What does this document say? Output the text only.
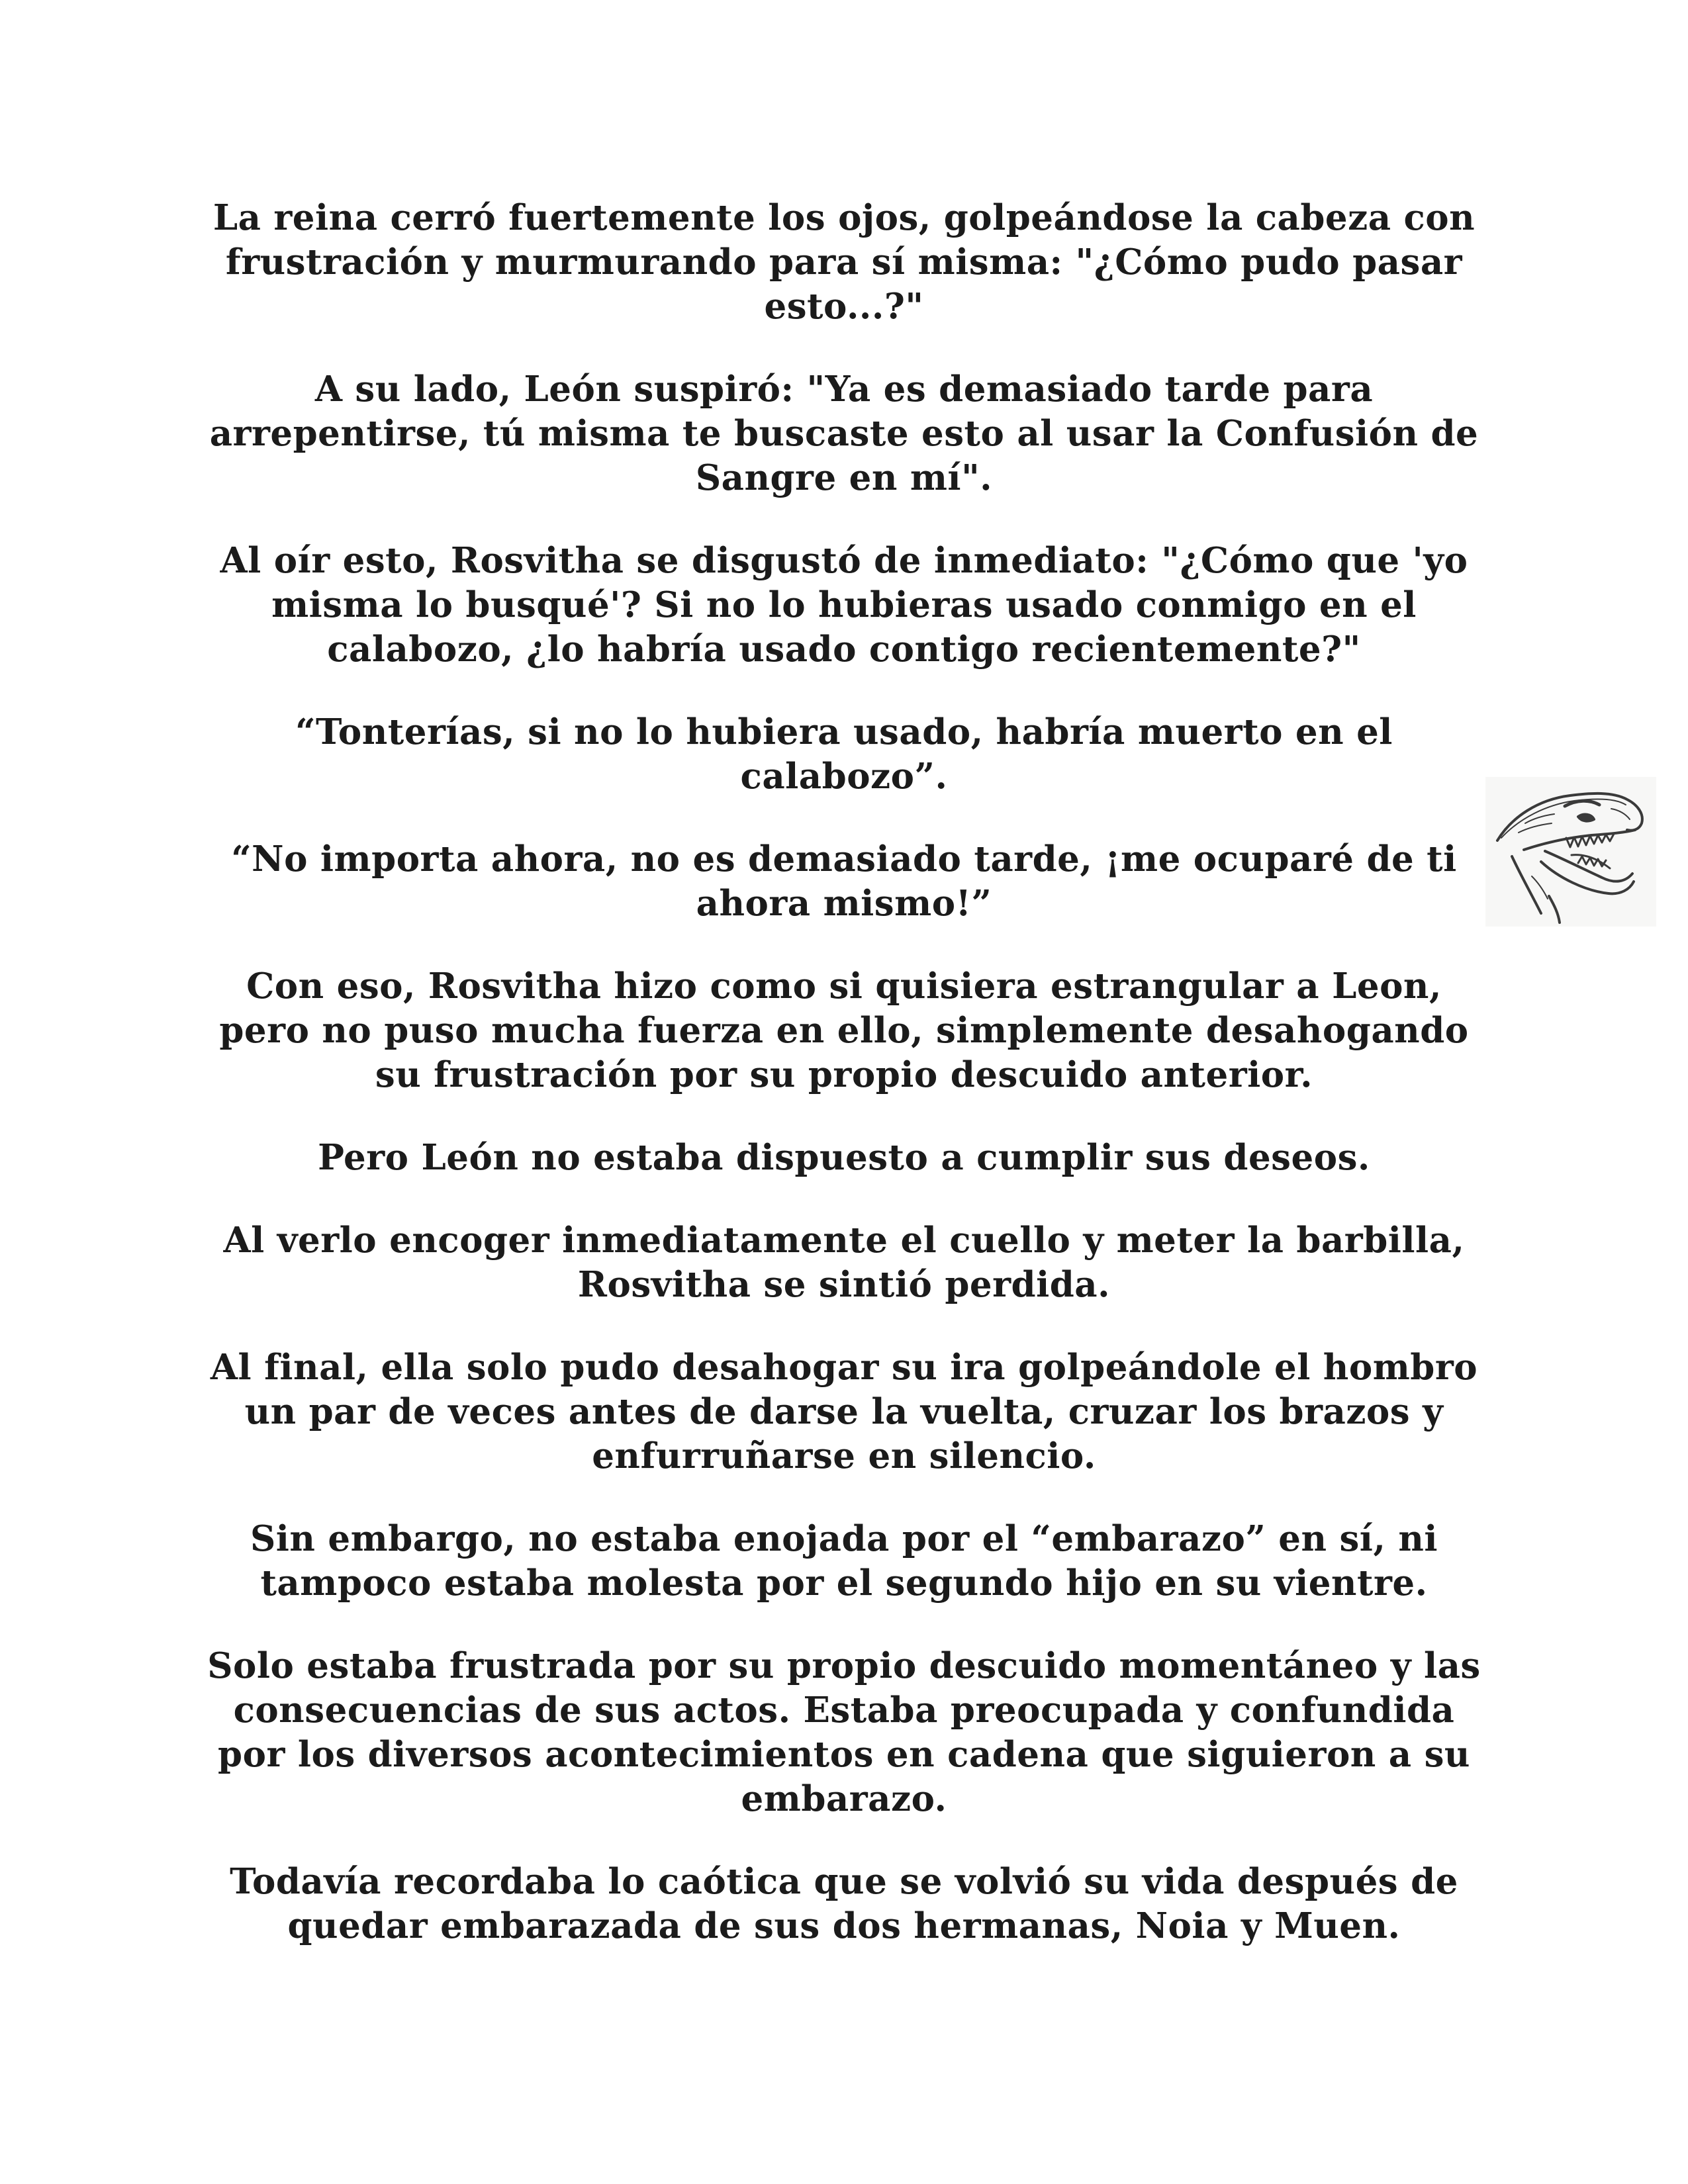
La reina cerró fuertemente los ojos, golpeándose la cabeza con frustración y murmurando para sí misma: "¿Cómo pudo pasar esto...?"

A su lado, León suspiró: "Ya es demasiado tarde para arrepentirse, tú misma te buscaste esto al usar la Confusión de Sangre en mí".

Al oír esto, Rosvitha se disgustó de inmediato: "¿Cómo que 'yo misma lo busqué'? Si no lo hubieras usado conmigo en el calabozo, ¿lo habría usado contigo recientemente?"

“Tonterías, si no lo hubiera usado, habría muerto en el calabozo”.

“No importa ahora, no es demasiado tarde, ¡me ocuparé de ti ahora mismo!”

Con eso, Rosvitha hizo como si quisiera estrangular a Leon, pero no puso mucha fuerza en ello, simplemente desahogando su frustración por su propio descuido anterior.

Pero León no estaba dispuesto a cumplir sus deseos.

Al verlo encoger inmediatamente el cuello y meter la barbilla, Rosvitha se sintió perdida.

Al final, ella solo pudo desahogar su ira golpeándole el hombro un par de veces antes de darse la vuelta, cruzar los brazos y enfurruñarse en silencio.

Sin embargo, no estaba enojada por el “embarazo” en sí, ni tampoco estaba molesta por el segundo hijo en su vientre.

Solo estaba frustrada por su propio descuido momentáneo y las consecuencias de sus actos. Estaba preocupada y confundida por los diversos acontecimientos en cadena que siguieron a su embarazo.

Todavía recordaba lo caótica que se volvió su vida después de quedar embarazada de sus dos hermanas, Noia y Muen.
